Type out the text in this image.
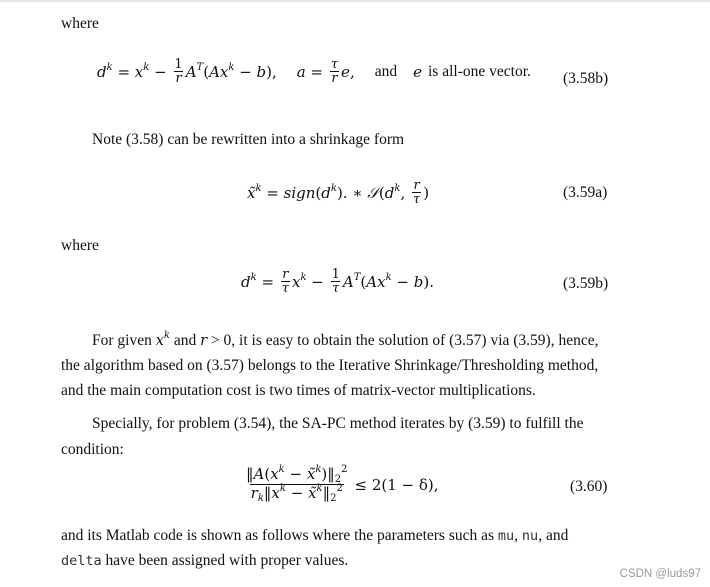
where
$d^k = x^k - \frac{1}{r} A^T$ ( $Ax^k - b$ ), $a = \frac{\tau}{r}$ e , and e is all-one vector. (3.58b)
Note (3.58) can be rewritten into a shrinkage form
x̃$^k$ = sign ( $d^k$ ). ∗ 𝒮 ( $d^k$ , $\frac{r}{\tau}$ )	(3.59a)
where
$d^k = \frac{r}{\tau} x^k - \frac{1}{\tau} A^T$ ( $Ax^k - b$ ).	(3.59b)
For given $x^k$ and r > 0, it is easy to obtain the solution of (3.57) via (3.59), hence,
the algorithm based on (3.57) belongs to the Iterative Shrinkage/Thresholding method,
and the main computation cost is two times of matrix-vector multiplications.
Specially, for problem (3.54), the SA-PC method iterates by (3.59) to fulfill the
condition:
$\frac{‖A(x^k - x̃^k)‖_2^2}{r_k‖x^k - x̃^k‖_2^2} \le 2(1 - \delta)$,	(3.60)
and its Matlab code is shown as follows where the parameters such as mu, nu, and
delta have been assigned with proper values.
CSDN @luds97
